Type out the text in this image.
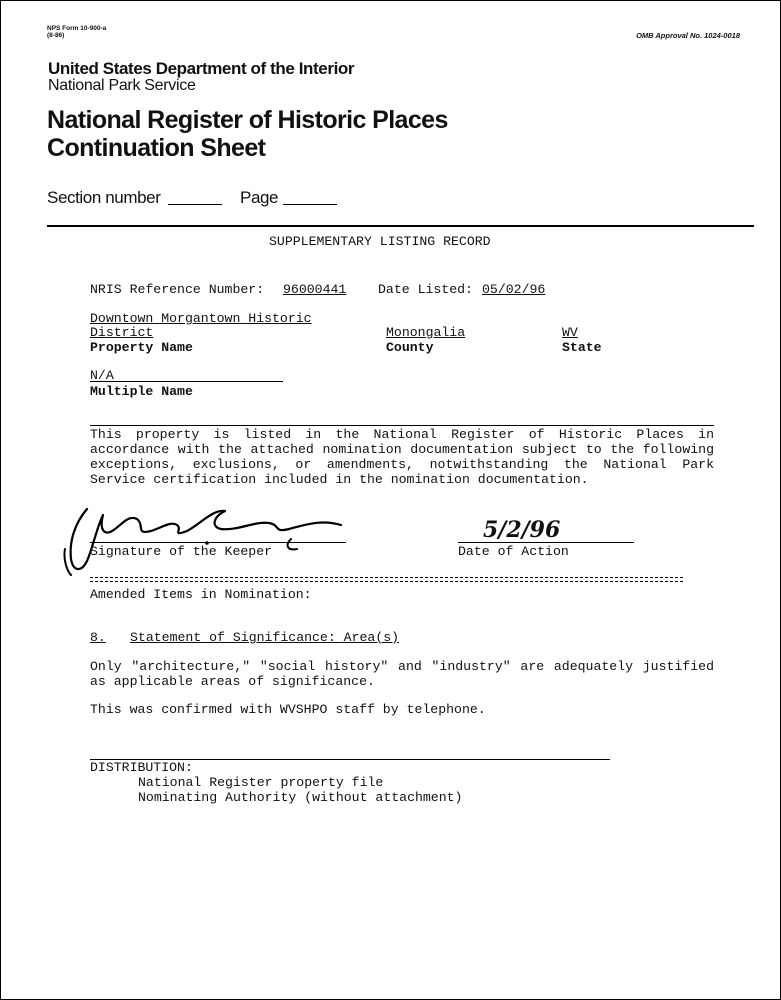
NPS Form 10-900-a
(8-86)	OMB Approval No. 1024-0018
United States Department of the Interior
National Park Service
National Register of Historic Places
Continuation Sheet
Section number	Page
SUPPLEMENTARY LISTING RECORD
NRIS Reference Number: 96000441 Date Listed: 05/02/96
Downtown Morgantown Historic
District
Property Name
Monongalia
County
WV
State
N/A
Multiple Name
This property is listed in the National Register of Historic Places in accordance with the attached nomination documentation subject to the following exceptions, exclusions, or amendments, notwithstanding the National Park Service certification included in the nomination documentation.
Signature of the Keeper
5/2/96
Date of Action
Amended Items in Nomination:
8. Statement of Significance: Area(s)
Only "architecture," "social history" and "industry" are adequately justified as applicable areas of significance.
This was confirmed with WVSHPO staff by telephone.
DISTRIBUTION:
National Register property file
Nominating Authority (without attachment)
